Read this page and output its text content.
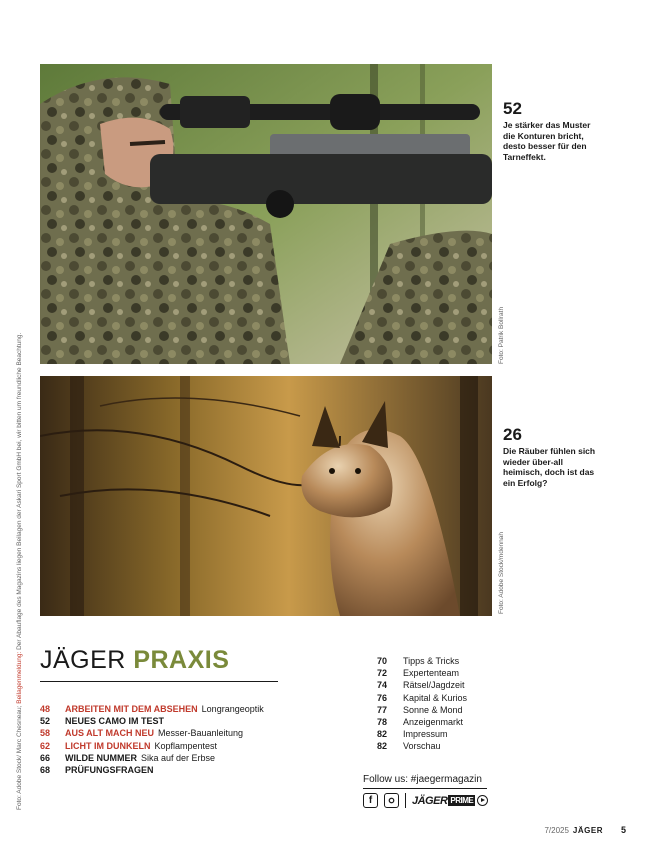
52
Je stärker das Muster die Konturen bricht, desto besser für den Tarneffekt.
Foto: Patrik Bollrath
26
Die Räuber fühlen sich wieder über-all heimisch, doch ist das ein Erfolg?
Foto: Adobe Stock/mdennah
Foto: Adobe Stock/ Marc Chesneau; Beilagenmeldung: Der Abauflage des Magazins liegen Beilagen der Askari Sport GmbH bei, wir bitten um freundliche Beachtung.
JÄGER PRAXIS
48	ARBEITEN MIT DEM ABSEHEN Longrangeoptik
52	NEUES CAMO IM TEST
58	AUS ALT MACH NEU Messer-Bauanleitung
62	LICHT IM DUNKELN Kopflampentest
66	WILDE NUMMER Sika auf der Erbse
68	PRÜFUNGSFRAGEN
70	Tipps & Tricks
72	Expertenteam
74	Rätsel/Jagdzeit
76	Kapital & Kurios
77	Sonne & Mond
78	Anzeigenmarkt
82	Impressum
82	Vorschau
Follow us: #jaegermagazin
f	JÄGER PRIME
7/2025 JÄGER 5
